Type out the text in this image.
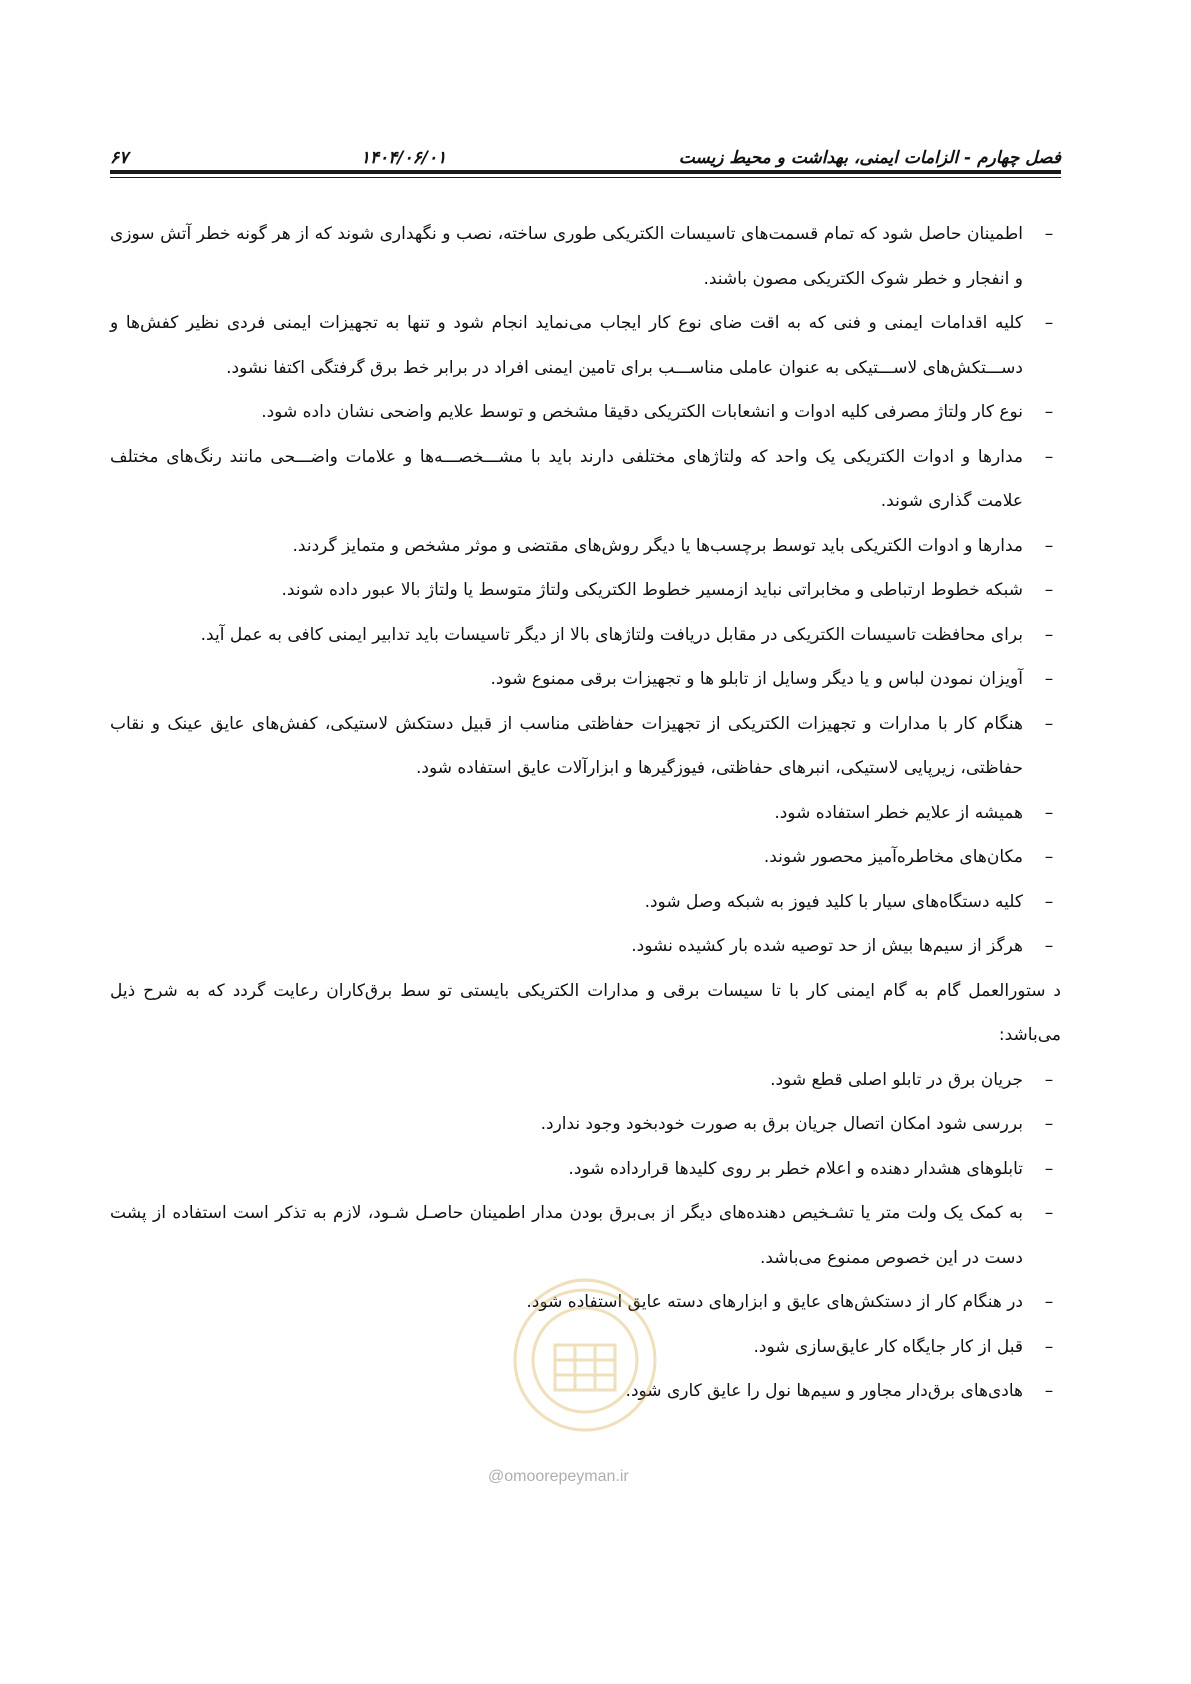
فصل چهارم - الزامات ایمنی، بهداشت و محیط زیست
۱۴۰۴/۰۶/۰۱
۶۷
–
اطمینان حاصل شود که تمام قسمت‌های تاسیسات الکتریکی طوری ساخته، نصب و نگهداری شوند که از هر گونه خطر آتش سوزی و انفجار و خطر شوک الکتریکی مصون باشند.
–
کلیه اقدامات ایمنی و فنی که به اقت ضای نوع کار ایجاب می‌نماید انجام شود و تنها به تجهیزات ایمنی فردی نظیر کفش‌ها و دســـتکش‌های لاســـتیکی به عنوان عاملی مناســـب برای تامین ایمنی افراد در برابر خط برق گرفتگی اکتفا نشود.
–
نوع کار ولتاژ مصرفی کلیه ادوات و انشعابات الکتریکی دقیقا مشخص و توسط علایم واضحی نشان داده شود.
–
مدارها و ادوات الکتریکی یک واحد که ولتاژهای مختلفی دارند باید با مشـــخصـــه‌ها و علامات واضـــحی مانند رنگ‌های مختلف علامت گذاری شوند.
–
مدارها و ادوات الکتریکی باید توسط برچسب‌ها یا دیگر روش‌های مقتضی و موثر مشخص و متمایز گردند.
–
شبکه خطوط ارتباطی و مخابراتی نباید ازمسیر خطوط الکتریکی ولتاژ متوسط یا ولتاژ بالا عبور داده شوند.
–
برای محافظت تاسیسات الکتریکی در مقابل دریافت ولتاژهای بالا از دیگر تاسیسات باید تدابیر ایمنی کافی به عمل آید.
–
آویزان نمودن لباس و یا دیگر وسایل از تابلو ها و تجهیزات برقی ممنوع شود.
–
هنگام کار با مدارات و تجهیزات الکتریکی از تجهیزات حفاظتی مناسب از قبیل دستکش لاستیکی، کفش‌های عایق عینک و نقاب حفاظتی، زیرپایی لاستیکی، انبرهای حفاظتی، فیوزگیرها و ابزارآلات عایق استفاده شود.
–
همیشه از علایم خطر استفاده شود.
–
مکان‌های مخاطره‌آمیز محصور شوند.
–
کلیه دستگاه‌های سیار با کلید فیوز به شبکه وصل شود.
–
هرگز از سیم‌ها بیش از حد توصیه شده بار کشیده نشود.

د ستورالعمل گام به گام ایمنی کار با تا سیسات برقی و مدارات الکتریکی بایستی تو سط برق‌کاران رعایت گردد که به شرح ذیل می‌باشد:

–
جریان برق در تابلو اصلی قطع شود.
–
بررسی شود امکان اتصال جریان برق به صورت خودبخود وجود ندارد.
–
تابلوهای هشدار دهنده و اعلام خطر بر روی کلیدها قرارداده شود.
–
به کمک یک ولت متر یا تشـخیص دهنده‌های دیگر از بی‌برق بودن مدار اطمینان حاصـل شـود، لازم به تذکر است استفاده از پشت دست در این خصوص ممنوع می‌باشد.
–
در هنگام کار از دستکش‌های عایق و ابزارهای دسته عایق استفاده شود.
–
قبل از کار جایگاه کار عایق‌سازی شود.
–
هادی‌های برق‌دار مجاور و سیم‌ها نول را عایق کاری شود.
@omoorepeyman.ir
